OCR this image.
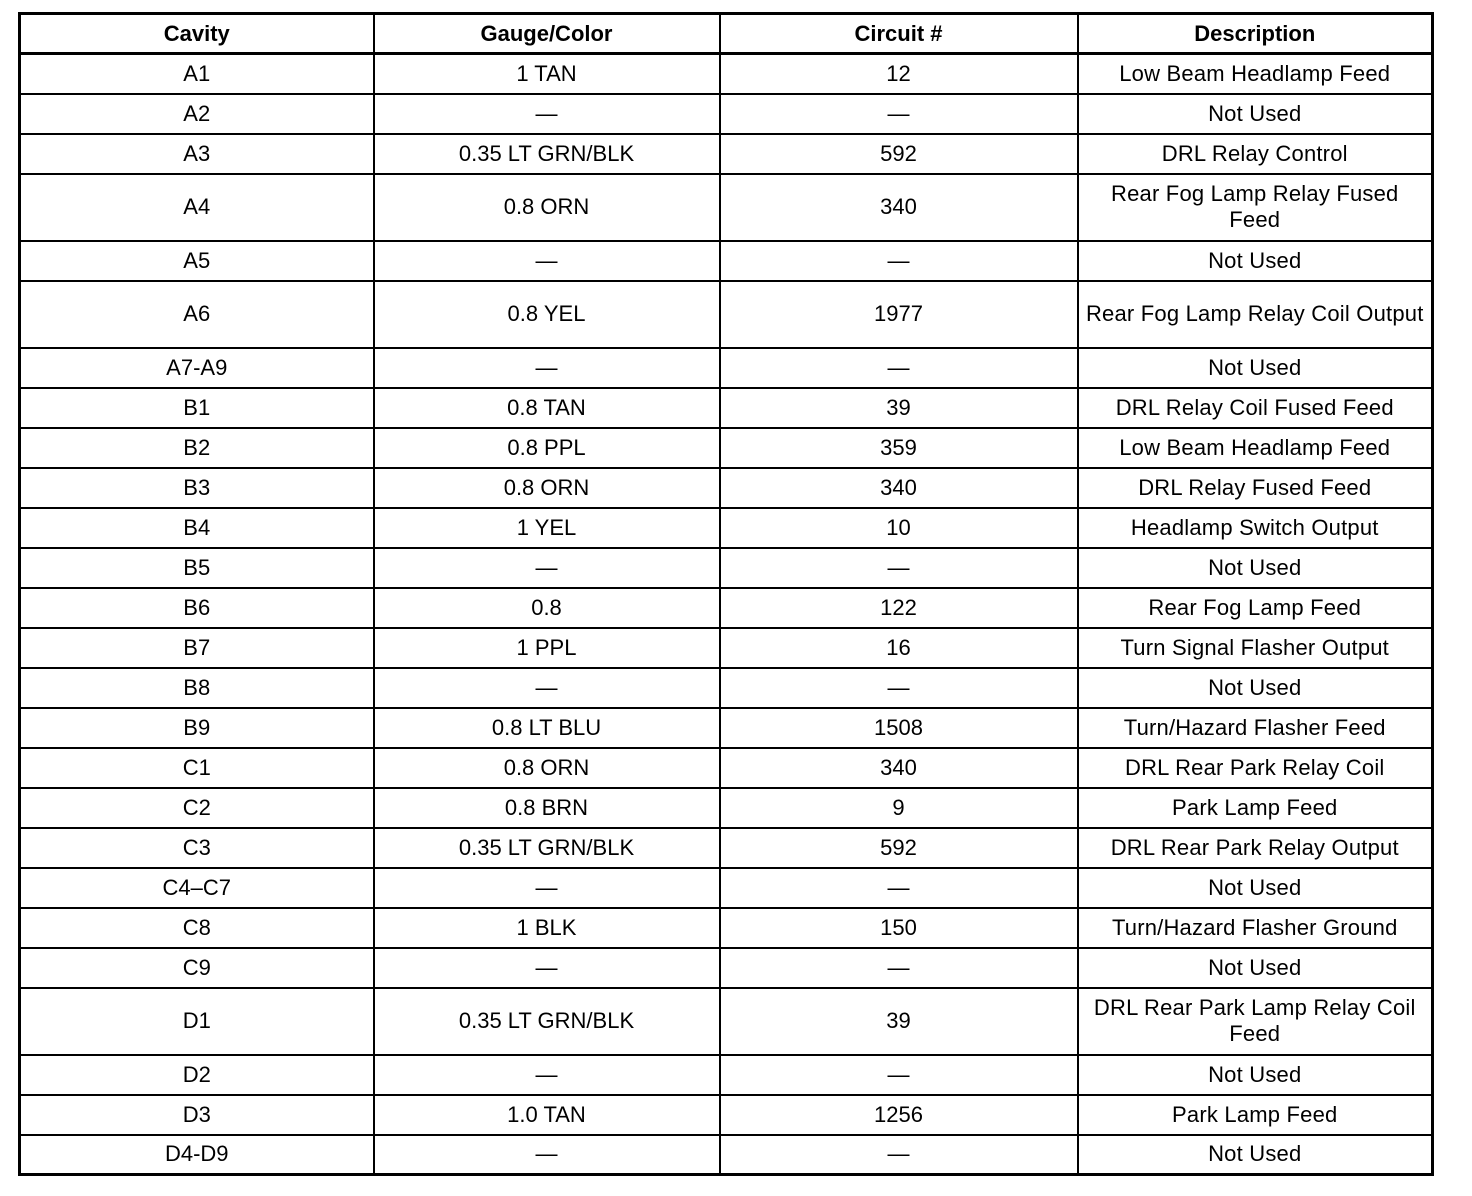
Cavity	Gauge/Color	Circuit #	Description
A1	1 TAN	12	Low Beam Headlamp Feed
A2	—	—	Not Used
A3	0.35 LT GRN/BLK	592	DRL Relay Control
A4	0.8 ORN	340	Rear Fog Lamp Relay Fused Feed
A5	—	—	Not Used
A6	0.8 YEL	1977	Rear Fog Lamp Relay Coil Output
A7-A9	—	—	Not Used
B1	0.8 TAN	39	DRL Relay Coil Fused Feed
B2	0.8 PPL	359	Low Beam Headlamp Feed
B3	0.8 ORN	340	DRL Relay Fused Feed
B4	1 YEL	10	Headlamp Switch Output
B5	—	—	Not Used
B6	0.8	122	Rear Fog Lamp Feed
B7	1 PPL	16	Turn Signal Flasher Output
B8	—	—	Not Used
B9	0.8 LT BLU	1508	Turn/Hazard Flasher Feed
C1	0.8 ORN	340	DRL Rear Park Relay Coil
C2	0.8 BRN	9	Park Lamp Feed
C3	0.35 LT GRN/BLK	592	DRL Rear Park Relay Output
C4–C7	—	—	Not Used
C8	1 BLK	150	Turn/Hazard Flasher Ground
C9	—	—	Not Used
D1	0.35 LT GRN/BLK	39	DRL Rear Park Lamp Relay Coil Feed
D2	—	—	Not Used
D3	1.0 TAN	1256	Park Lamp Feed
D4-D9	—	—	Not Used
